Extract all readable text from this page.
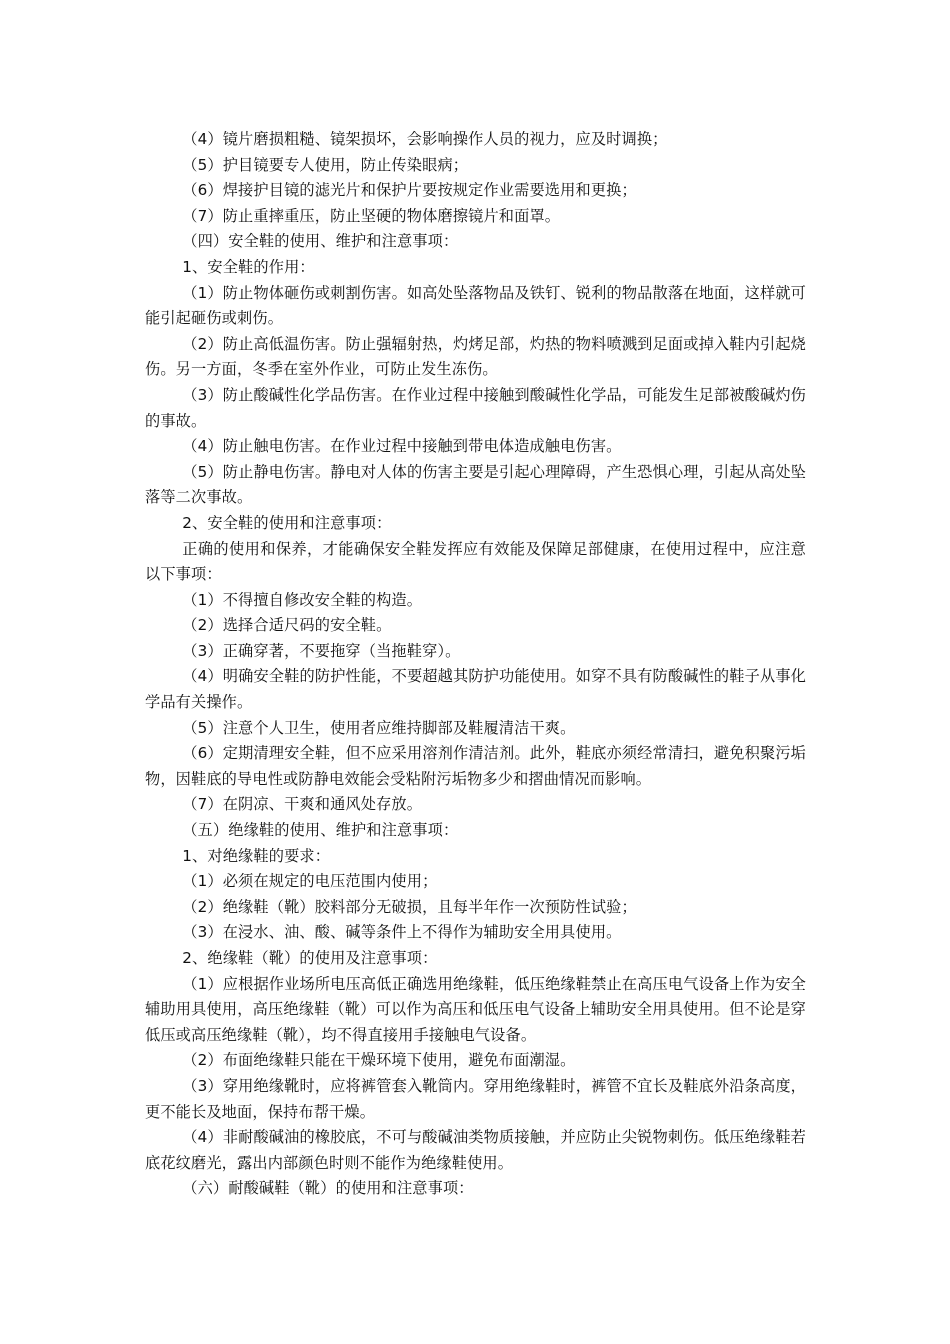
（4）镜片磨损粗糙、镜架损坏，会影响操作人员的视力，应及时调换；

（5）护目镜要专人使用，防止传染眼病；

（6）焊接护目镜的滤光片和保护片要按规定作业需要选用和更换；

（7）防止重摔重压，防止坚硬的物体磨擦镜片和面罩。

（四）安全鞋的使用、维护和注意事项：

1、安全鞋的作用：

（1）防止物体砸伤或刺割伤害。如高处坠落物品及铁钉、锐利的物品散落在地面，这样就可能引起砸伤或刺伤。

（2）防止高低温伤害。防止强辐射热，灼烤足部，灼热的物料喷溅到足面或掉入鞋内引起烧伤。另一方面，冬季在室外作业，可防止发生冻伤。

（3）防止酸碱性化学品伤害。在作业过程中接触到酸碱性化学品，可能发生足部被酸碱灼伤的事故。

（4）防止触电伤害。在作业过程中接触到带电体造成触电伤害。

（5）防止静电伤害。静电对人体的伤害主要是引起心理障碍，产生恐惧心理，引起从高处坠落等二次事故。

2、安全鞋的使用和注意事项：

正确的使用和保养，才能确保安全鞋发挥应有效能及保障足部健康，在使用过程中，应注意以下事项：

（1）不得擅自修改安全鞋的构造。

（2）选择合适尺码的安全鞋。

（3）正确穿著，不要拖穿（当拖鞋穿）。

（4）明确安全鞋的防护性能，不要超越其防护功能使用。如穿不具有防酸碱性的鞋子从事化学品有关操作。

（5）注意个人卫生，使用者应维持脚部及鞋履清洁干爽。

（6）定期清理安全鞋，但不应采用溶剂作清洁剂。此外，鞋底亦须经常清扫，避免积聚污垢物，因鞋底的导电性或防静电效能会受粘附污垢物多少和摺曲情况而影响。

（7）在阴凉、干爽和通风处存放。

（五）绝缘鞋的使用、维护和注意事项：

1、对绝缘鞋的要求：

（1）必须在规定的电压范围内使用；

（2）绝缘鞋（靴）胶料部分无破损，且每半年作一次预防性试验；

（3）在浸水、油、酸、碱等条件上不得作为辅助安全用具使用。

2、绝缘鞋（靴）的使用及注意事项：

（1）应根据作业场所电压高低正确选用绝缘鞋，低压绝缘鞋禁止在高压电气设备上作为安全辅助用具使用，高压绝缘鞋（靴）可以作为高压和低压电气设备上辅助安全用具使用。但不论是穿低压或高压绝缘鞋（靴），均不得直接用手接触电气设备。

（2）布面绝缘鞋只能在干燥环境下使用，避免布面潮湿。

（3）穿用绝缘靴时，应将裤管套入靴筒内。穿用绝缘鞋时，裤管不宜长及鞋底外沿条高度，更不能长及地面，保持布帮干燥。

（4）非耐酸碱油的橡胶底，不可与酸碱油类物质接触，并应防止尖锐物刺伤。低压绝缘鞋若底花纹磨光，露出内部颜色时则不能作为绝缘鞋使用。

（六）耐酸碱鞋（靴）的使用和注意事项：
